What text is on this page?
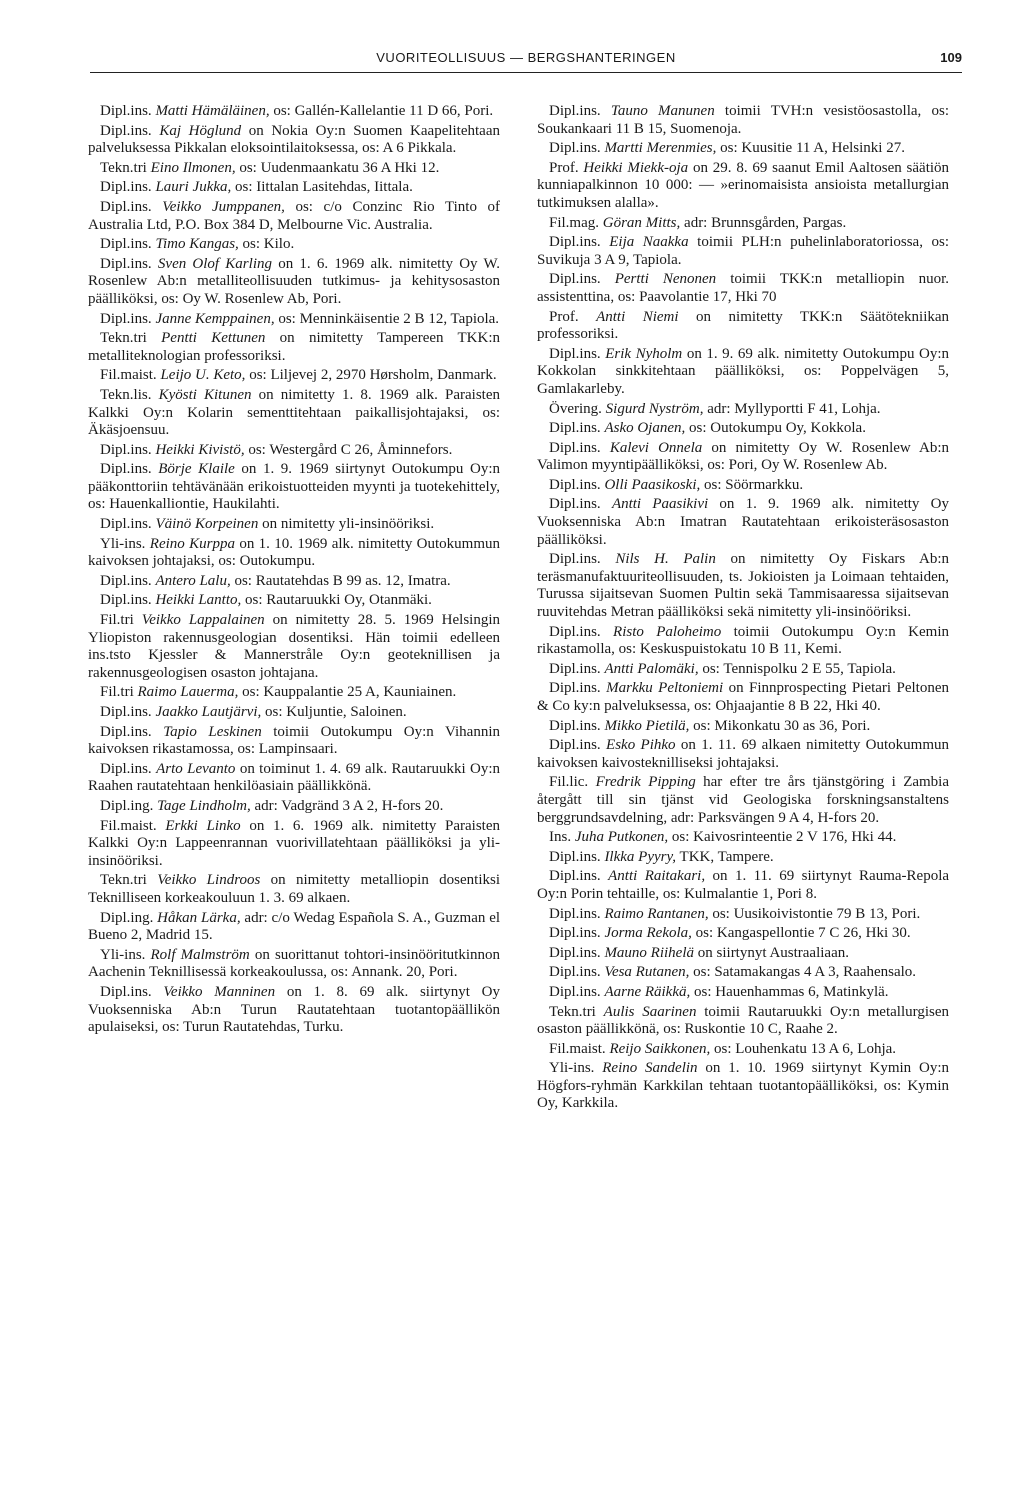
VUORITEOLLISUUS — BERGSHANTERINGEN	109

Dipl.ins. Matti Hämäläinen, os: Gallén-Kallelantie 11 D 66, Pori.

Dipl.ins. Kaj Höglund on Nokia Oy:n Suomen Kaapelitehtaan palveluksessa Pikkalan eloksointilaitoksessa, os: A 6 Pikkala.

Tekn.tri Eino Ilmonen, os: Uudenmaankatu 36 A Hki 12.

Dipl.ins. Lauri Jukka, os: Iittalan Lasitehdas, Iittala.

Dipl.ins. Veikko Jumppanen, os: c/o Conzinc Rio Tinto of Australia Ltd, P.O. Box 384 D, Melbourne Vic. Australia.

Dipl.ins. Timo Kangas, os: Kilo.

Dipl.ins. Sven Olof Karling on 1. 6. 1969 alk. nimitetty Oy W. Rosenlew Ab:n metalliteollisuuden tutkimus- ja kehitysosaston päälliköksi, os: Oy W. Rosenlew Ab, Pori.

Dipl.ins. Janne Kemppainen, os: Menninkäisentie 2 B 12, Tapiola.

Tekn.tri Pentti Kettunen on nimitetty Tampereen TKK:n metalliteknologian professoriksi.

Fil.maist. Leijo U. Keto, os: Liljevej 2, 2970 Hørsholm, Danmark.

Tekn.lis. Kyösti Kitunen on nimitetty 1. 8. 1969 alk. Paraisten Kalkki Oy:n Kolarin sementtitehtaan paikallisjohtajaksi, os: Äkäsjoensuu.

Dipl.ins. Heikki Kivistö, os: Westergård C 26, Åminnefors.

Dipl.ins. Börje Klaile on 1. 9. 1969 siirtynyt Outokumpu Oy:n pääkonttoriin tehtävänään erikoistuotteiden myynti ja tuotekehittely, os: Hauenkalliontie, Haukilahti.

Dipl.ins. Väinö Korpeinen on nimitetty yli-insinööriksi.

Yli-ins. Reino Kurppa on 1. 10. 1969 alk. nimitetty Outokummun kaivoksen johtajaksi, os: Outokumpu.

Dipl.ins. Antero Lalu, os: Rautatehdas B 99 as. 12, Imatra.

Dipl.ins. Heikki Lantto, os: Rautaruukki Oy, Otanmäki.

Fil.tri Veikko Lappalainen on nimitetty 28. 5. 1969 Helsingin Yliopiston rakennusgeologian dosentiksi. Hän toimii edelleen ins.tsto Kjessler & Mannerstråle Oy:n geoteknillisen ja rakennusgeologisen osaston johtajana.

Fil.tri Raimo Lauerma, os: Kauppalantie 25 A, Kauniainen.

Dipl.ins. Jaakko Lautjärvi, os: Kuljuntie, Saloinen.

Dipl.ins. Tapio Leskinen toimii Outokumpu Oy:n Vihannin kaivoksen rikastamossa, os: Lampinsaari.

Dipl.ins. Arto Levanto on toiminut 1. 4. 69 alk. Rautaruukki Oy:n Raahen rautatehtaan henkilöasiain päällikkönä.

Dipl.ing. Tage Lindholm, adr: Vadgränd 3 A 2, H-fors 20.

Fil.maist. Erkki Linko on 1. 6. 1969 alk. nimitetty Paraisten Kalkki Oy:n Lappeenrannan vuorivillatehtaan päälliköksi ja yli-insinööriksi.

Tekn.tri Veikko Lindroos on nimitetty metalliopin dosentiksi Teknilliseen korkeakouluun 1. 3. 69 alkaen.

Dipl.ing. Håkan Lärka, adr: c/o Wedag Española S. A., Guzman el Bueno 2, Madrid 15.

Yli-ins. Rolf Malmström on suorittanut tohtori-insinööritutkinnon Aachenin Teknillisessä korkeakoulussa, os: Annank. 20, Pori.

Dipl.ins. Veikko Manninen on 1. 8. 69 alk. siirtynyt Oy Vuoksenniska Ab:n Turun Rautatehtaan tuotantopäällikön apulaiseksi, os: Turun Rautatehdas, Turku.

Dipl.ins. Tauno Manunen toimii TVH:n vesistöosastolla, os: Soukankaari 11 B 15, Suomenoja.

Dipl.ins. Martti Merenmies, os: Kuusitie 11 A, Helsinki 27.

Prof. Heikki Miekk-oja on 29. 8. 69 saanut Emil Aaltosen säätiön kunniapalkinnon 10 000: — »erinomaisista ansioista metallurgian tutkimuksen alalla».

Fil.mag. Göran Mitts, adr: Brunnsgården, Pargas.

Dipl.ins. Eija Naakka toimii PLH:n puhelinlaboratoriossa, os: Suvikuja 3 A 9, Tapiola.

Dipl.ins. Pertti Nenonen toimii TKK:n metalliopin nuor. assistenttina, os: Paavolantie 17, Hki 70

Prof. Antti Niemi on nimitetty TKK:n Säätötekniikan professoriksi.

Dipl.ins. Erik Nyholm on 1. 9. 69 alk. nimitetty Outokumpu Oy:n Kokkolan sinkkitehtaan päälliköksi, os: Poppelvägen 5, Gamlakarleby.

Övering. Sigurd Nyström, adr: Myllyportti F 41, Lohja.

Dipl.ins. Asko Ojanen, os: Outokumpu Oy, Kokkola.

Dipl.ins. Kalevi Onnela on nimitetty Oy W. Rosenlew Ab:n Valimon myyntipäälliköksi, os: Pori, Oy W. Rosenlew Ab.

Dipl.ins. Olli Paasikoski, os: Söörmarkku.

Dipl.ins. Antti Paasikivi on 1. 9. 1969 alk. nimitetty Oy Vuoksenniska Ab:n Imatran Rautatehtaan erikoisteräsosaston päälliköksi.

Dipl.ins. Nils H. Palin on nimitetty Oy Fiskars Ab:n teräsmanufaktuuriteollisuuden, ts. Jokioisten ja Loimaan tehtaiden, Turussa sijaitsevan Suomen Pultin sekä Tammisaaressa sijaitsevan ruuvitehdas Metran päälliköksi sekä nimitetty yli-insinööriksi.

Dipl.ins. Risto Paloheimo toimii Outokumpu Oy:n Kemin rikastamolla, os: Keskuspuistokatu 10 B 11, Kemi.

Dipl.ins. Antti Palomäki, os: Tennispolku 2 E 55, Tapiola.

Dipl.ins. Markku Peltoniemi on Finnprospecting Pietari Peltonen & Co ky:n palveluksessa, os: Ohjaajantie 8 B 22, Hki 40.

Dipl.ins. Mikko Pietilä, os: Mikonkatu 30 as 36, Pori.

Dipl.ins. Esko Pihko on 1. 11. 69 alkaen nimitetty Outokummun kaivoksen kaivosteknilliseksi johtajaksi.

Fil.lic. Fredrik Pipping har efter tre års tjänstgöring i Zambia återgått till sin tjänst vid Geologiska forskningsanstaltens berggrundsavdelning, adr: Parksvängen 9 A 4, H-fors 20.

Ins. Juha Putkonen, os: Kaivosrinteentie 2 V 176, Hki 44.

Dipl.ins. Ilkka Pyyry, TKK, Tampere.

Dipl.ins. Antti Raitakari, on 1. 11. 69 siirtynyt Rauma-Repola Oy:n Porin tehtaille, os: Kulmalantie 1, Pori 8.

Dipl.ins. Raimo Rantanen, os: Uusikoivistontie 79 B 13, Pori.

Dipl.ins. Jorma Rekola, os: Kangaspellontie 7 C 26, Hki 30.

Dipl.ins. Mauno Riihelä on siirtynyt Austraaliaan.

Dipl.ins. Vesa Rutanen, os: Satamakangas 4 A 3, Raahensalo.

Dipl.ins. Aarne Räikkä, os: Hauenhammas 6, Matinkylä.

Tekn.tri Aulis Saarinen toimii Rautaruukki Oy:n metallurgisen osaston päällikkönä, os: Ruskontie 10 C, Raahe 2.

Fil.maist. Reijo Saikkonen, os: Louhenkatu 13 A 6, Lohja.

Yli-ins. Reino Sandelin on 1. 10. 1969 siirtynyt Kymin Oy:n Högfors-ryhmän Karkkilan tehtaan tuotantopäälliköksi, os: Kymin Oy, Karkkila.
